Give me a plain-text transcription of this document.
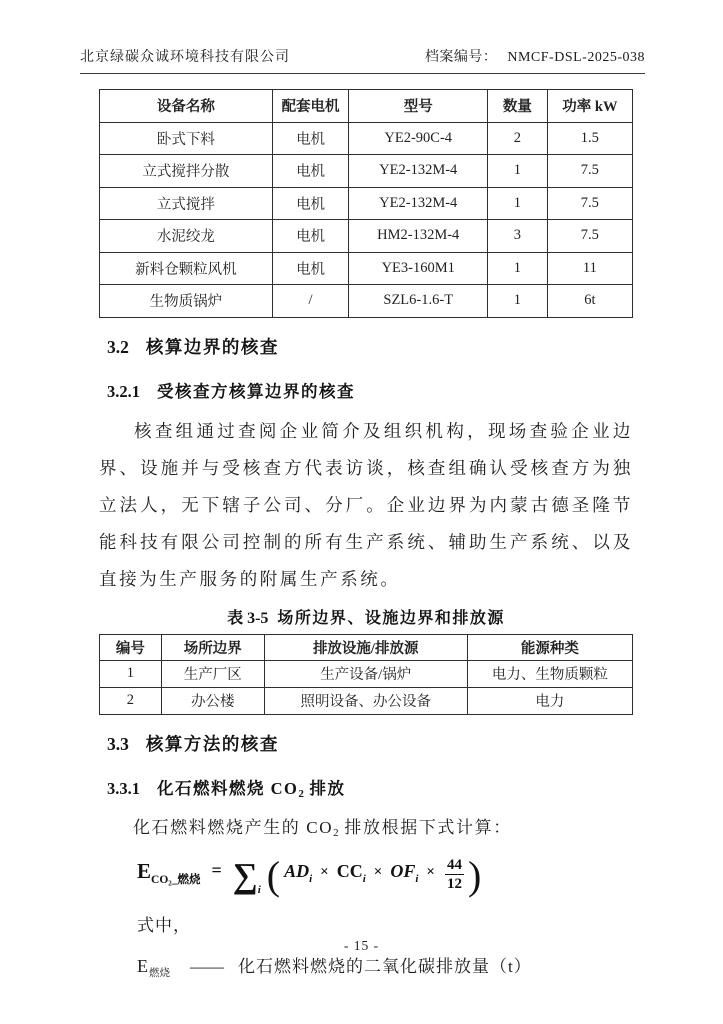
北京绿碳众诚环境科技有限公司	档案编号： NMCF-DSL-2025-038
设备名称	配套电机	型号	数量	功率 kW
卧式下料	电机	YE2-90C-4	2	1.5
立式搅拌分散	电机	YE2-132M-4	1	7.5
立式搅拌	电机	YE2-132M-4	1	7.5
水泥绞龙	电机	HM2-132M-4	3	7.5
新料仓颗粒风机	电机	YE3-160M1	1	11
生物质锅炉	/	SZL6-1.6-T	1	6t
3.2 核算边界的核查
3.2.1 受核查方核算边界的核查

核查组通过查阅企业简介及组织机构，现场查验企业边界、设施并与受核查方代表访谈，核查组确认受核查方为独立法人，无下辖子公司、分厂。企业边界为内蒙古德圣隆节能科技有限公司控制的所有生产系统、辅助生产系统、以及直接为生产服务的附属生产系统。

表 3-5 场所边界、设施边界和排放源
编号	场所边界	排放设施/排放源	能源种类
1	生产厂区	生产设备/锅炉	电力、生物质颗粒
2	办公楼	照明设备、办公设备	电力
3.3 核算方法的核查
3.3.1 化石燃料燃烧 CO2 排放

化石燃料燃烧产生的 CO2 排放根据下式计算：

$E_{CO_2\_燃烧} = \sum_i$ ( $AD_i \times CC_i \times OF_i \times \frac{44}{12}$ )
式中，
$E_{燃烧}$ —— 化石燃料燃烧的二氧化碳排放量（t）
- 15 -
